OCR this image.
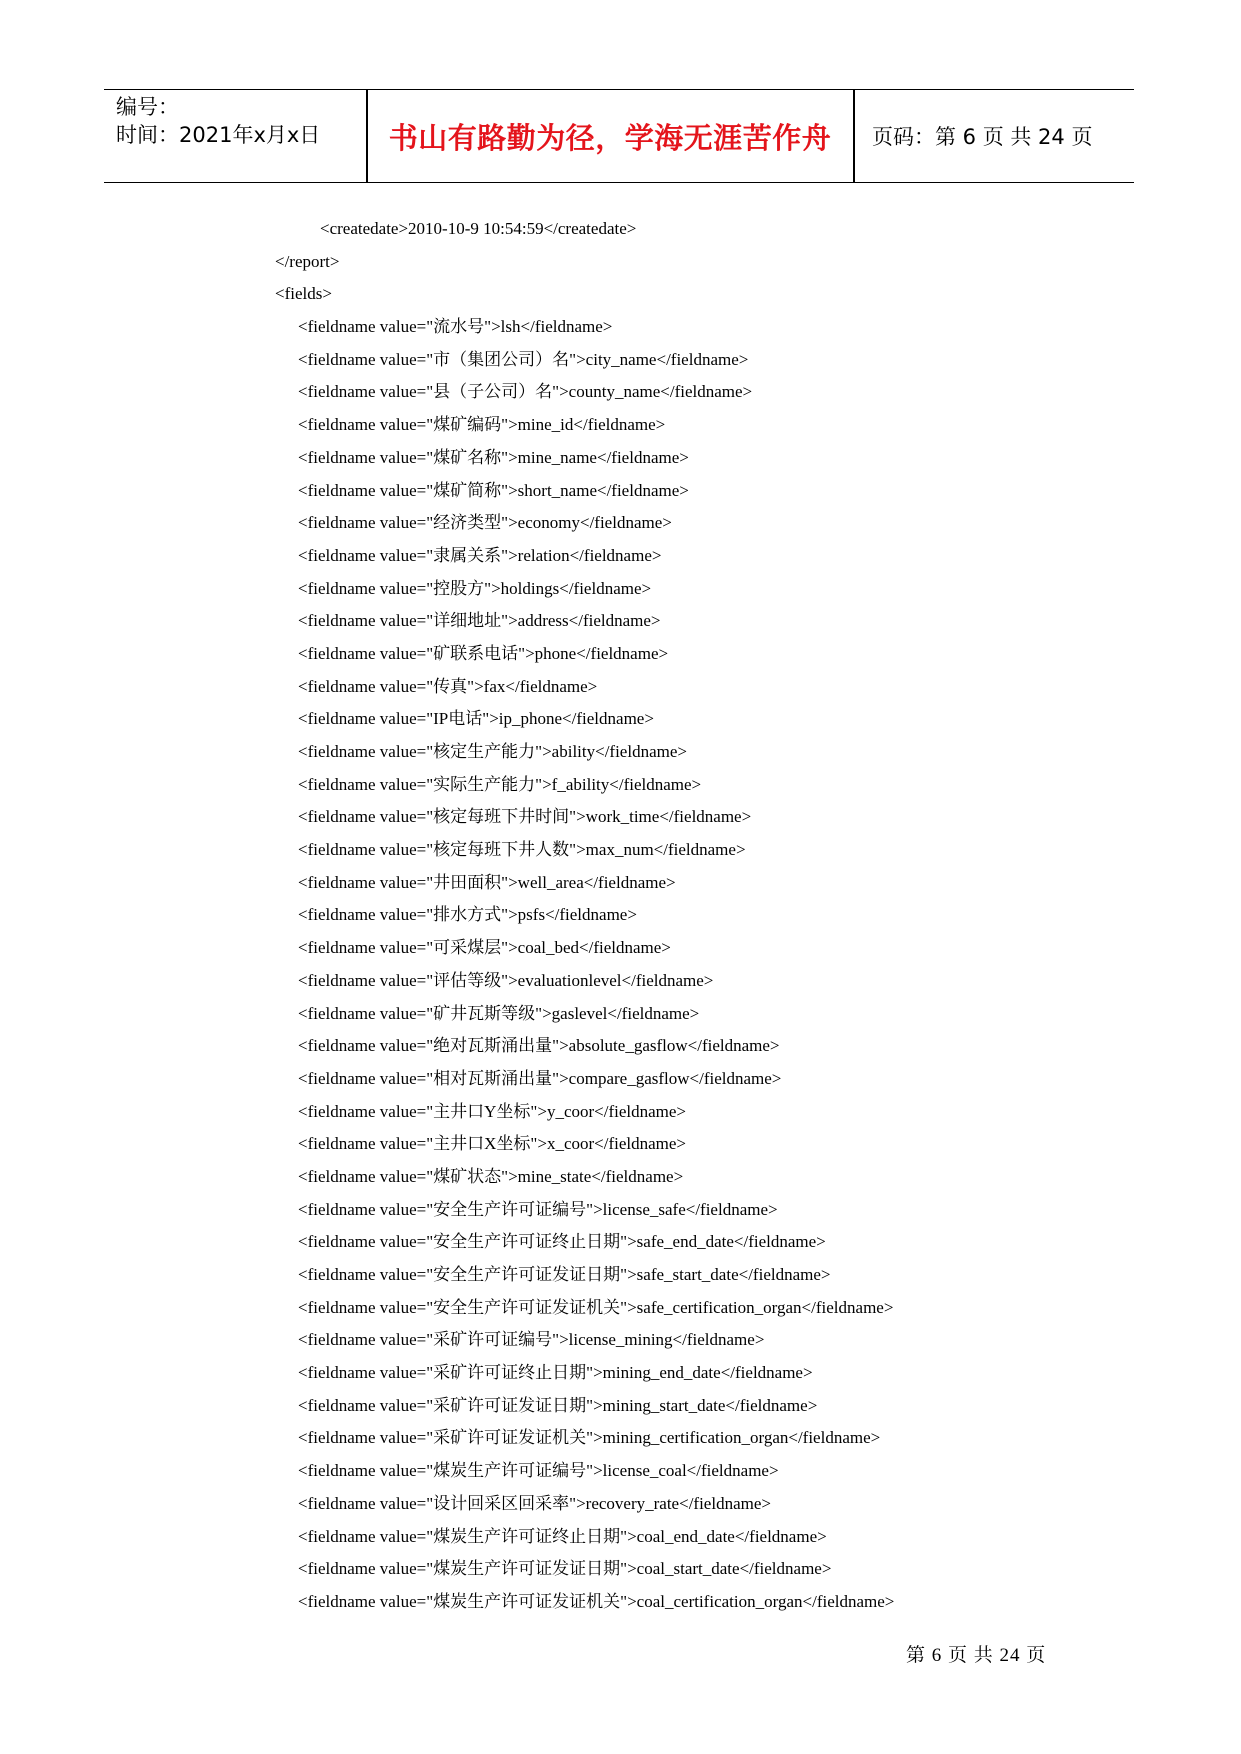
编号：
时间：2021年x月x日	书山有路勤为径，学海无涯苦作舟	页码：第 6 页 共 24 页
<createdate>2010-10-9 10:54:59</createdate>
</report>
<fields>
<fieldname value="流水号">lsh</fieldname>
<fieldname value="市（集团公司）名">city_name</fieldname>
<fieldname value="县（子公司）名">county_name</fieldname>
<fieldname value="煤矿编码">mine_id</fieldname>
<fieldname value="煤矿名称">mine_name</fieldname>
<fieldname value="煤矿简称">short_name</fieldname>
<fieldname value="经济类型">economy</fieldname>
<fieldname value="隶属关系">relation</fieldname>
<fieldname value="控股方">holdings</fieldname>
<fieldname value="详细地址">address</fieldname>
<fieldname value="矿联系电话">phone</fieldname>
<fieldname value="传真">fax</fieldname>
<fieldname value="IP电话">ip_phone</fieldname>
<fieldname value="核定生产能力">ability</fieldname>
<fieldname value="实际生产能力">f_ability</fieldname>
<fieldname value="核定每班下井时间">work_time</fieldname>
<fieldname value="核定每班下井人数">max_num</fieldname>
<fieldname value="井田面积">well_area</fieldname>
<fieldname value="排水方式">psfs</fieldname>
<fieldname value="可采煤层">coal_bed</fieldname>
<fieldname value="评估等级">evaluationlevel</fieldname>
<fieldname value="矿井瓦斯等级">gaslevel</fieldname>
<fieldname value="绝对瓦斯涌出量">absolute_gasflow</fieldname>
<fieldname value="相对瓦斯涌出量">compare_gasflow</fieldname>
<fieldname value="主井口Y坐标">y_coor</fieldname>
<fieldname value="主井口X坐标">x_coor</fieldname>
<fieldname value="煤矿状态">mine_state</fieldname>
<fieldname value="安全生产许可证编号">license_safe</fieldname>
<fieldname value="安全生产许可证终止日期">safe_end_date</fieldname>
<fieldname value="安全生产许可证发证日期">safe_start_date</fieldname>
<fieldname value="安全生产许可证发证机关">safe_certification_organ</fieldname>
<fieldname value="采矿许可证编号">license_mining</fieldname>
<fieldname value="采矿许可证终止日期">mining_end_date</fieldname>
<fieldname value="采矿许可证发证日期">mining_start_date</fieldname>
<fieldname value="采矿许可证发证机关">mining_certification_organ</fieldname>
<fieldname value="煤炭生产许可证编号">license_coal</fieldname>
<fieldname value="设计回采区回采率">recovery_rate</fieldname>
<fieldname value="煤炭生产许可证终止日期">coal_end_date</fieldname>
<fieldname value="煤炭生产许可证发证日期">coal_start_date</fieldname>
<fieldname value="煤炭生产许可证发证机关">coal_certification_organ</fieldname>
第 6 页 共 24 页
